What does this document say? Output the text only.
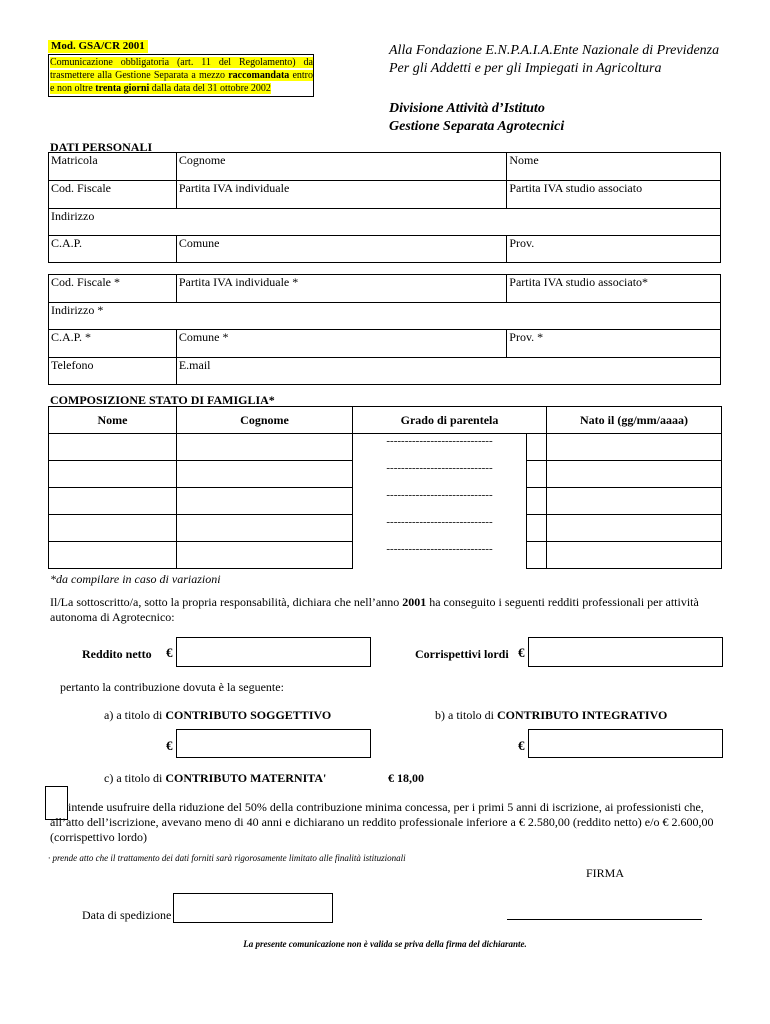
Mod. GSA/CR 2001
Comunicazione obbligatoria (art. 11 del Regolamento) da trasmettere alla Gestione Separata a mezzo raccomandata entro e non oltre trenta giorni dalla data del 31 ottobre 2002
Alla Fondazione E.N.P.A.I.A.Ente Nazionale di Previdenza Per gli Addetti e per gli Impiegati in Agricoltura
Divisione Attività d’Istituto
Gestione Separata Agrotecnici
DATI PERSONALI
Matricola	Cognome	Nome
Cod. Fiscale	Partita IVA individuale	Partita IVA studio associato
Indirizzo		
C.A.P.	Comune	Prov.
Cod. Fiscale *	Partita IVA individuale *	Partita IVA studio associato*
Indirizzo *		
C.A.P. *	Comune *	Prov. *
Telefono	E.mail	
COMPOSIZIONE STATO DI FAMIGLIA*
Nome	Cognome	Grado di parentela		Nato il (gg/mm/aaaa)
		-----------------------------		
		-----------------------------		
		-----------------------------		
		-----------------------------		
		-----------------------------		
*da compilare in caso di variazioni
Il/La sottoscritto/a, sotto la propria responsabilità, dichiara che nell’anno 2001 ha conseguito i seguenti redditi professionali per attività autonoma di Agrotecnico:
Reddito netto €	Corrispettivi lordi €
pertanto la contribuzione dovuta è la seguente:
a) a titolo di CONTRIBUTO SOGGETTIVO	b) a titolo di CONTRIBUTO INTEGRATIVO
€	€
c) a titolo di CONTRIBUTO MATERNITA'	€ 18,00
intende usufruire della riduzione del 50% della contribuzione minima concessa, per i primi 5 anni di iscrizione, ai professionisti che, all’atto dell’iscrizione, avevano meno di 40 anni e dichiarano un reddito professionale inferiore a € 2.580,00 (reddito netto) e/o € 2.600,00 (corrispettivo lordo)
· prende atto che il trattamento dei dati forniti sarà rigorosamente limitato alle finalità istituzionali
FIRMA
Data di spedizione
La presente comunicazione non è valida se priva della firma del dichiarante.
